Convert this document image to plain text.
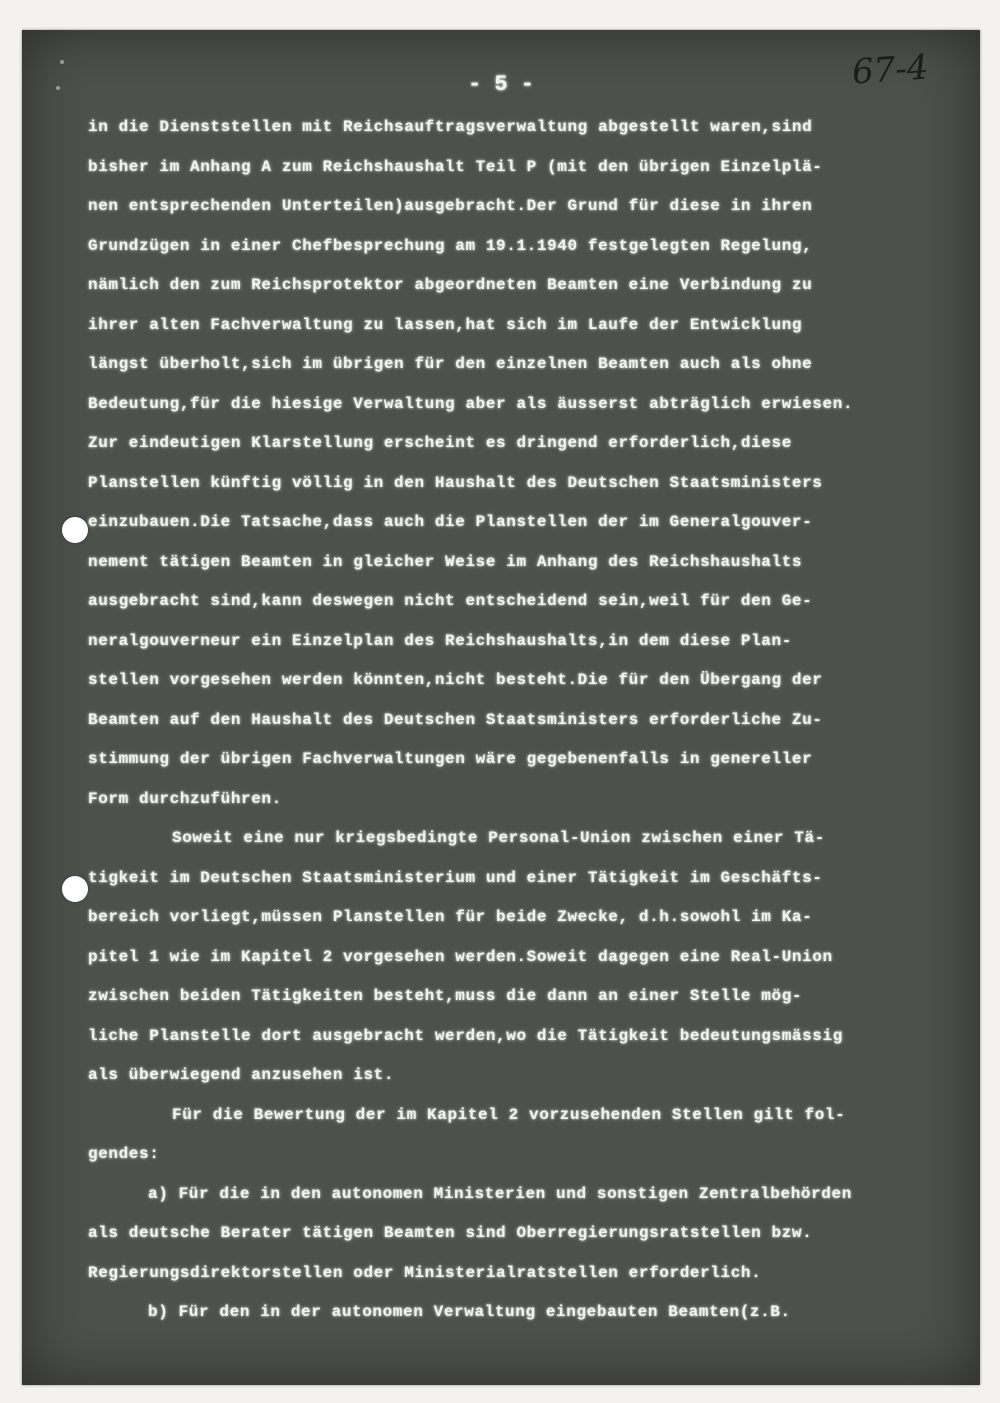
67-4
- 5 -
in die Dienststellen mit Reichsauftragsverwaltung abgestellt waren,sind
bisher im Anhang A zum Reichshaushalt Teil P (mit den übrigen Einzelplä-
nen entsprechenden Unterteilen)ausgebracht.Der Grund für diese in ihren
Grundzügen in einer Chefbesprechung am 19.1.1940 festgelegten Regelung,
nämlich den zum Reichsprotektor abgeordneten Beamten eine Verbindung zu
ihrer alten Fachverwaltung zu lassen,hat sich im Laufe der Entwicklung
längst überholt,sich im übrigen für den einzelnen Beamten auch als ohne
Bedeutung,für die hiesige Verwaltung aber als äusserst abträglich erwiesen.
Zur eindeutigen Klarstellung erscheint es dringend erforderlich,diese
Planstellen künftig völlig in den Haushalt des Deutschen Staatsministers
einzubauen.Die Tatsache,dass auch die Planstellen der im Generalgouver-
nement tätigen Beamten in gleicher Weise im Anhang des Reichshaushalts
ausgebracht sind,kann deswegen nicht entscheidend sein,weil für den Ge-
neralgouverneur ein Einzelplan des Reichshaushalts,in dem diese Plan-
stellen vorgesehen werden könnten,nicht besteht.Die für den Übergang der
Beamten auf den Haushalt des Deutschen Staatsministers erforderliche Zu-
stimmung der übrigen Fachverwaltungen wäre gegebenenfalls in genereller
Form durchzuführen.
Soweit eine nur kriegsbedingte Personal-Union zwischen einer Tä-
tigkeit im Deutschen Staatsministerium und einer Tätigkeit im Geschäfts-
bereich vorliegt,müssen Planstellen für beide Zwecke, d.h.sowohl im Ka-
pitel 1 wie im Kapitel 2 vorgesehen werden.Soweit dagegen eine Real-Union
zwischen beiden Tätigkeiten besteht,muss die dann an einer Stelle mög-
liche Planstelle dort ausgebracht werden,wo die Tätigkeit bedeutungsmässig
als überwiegend anzusehen ist.
Für die Bewertung der im Kapitel 2 vorzusehenden Stellen gilt fol-
gendes:
a) Für die in den autonomen Ministerien und sonstigen Zentralbehörden
als deutsche Berater tätigen Beamten sind Oberregierungsratstellen bzw.
Regierungsdirektorstellen oder Ministerialratstellen erforderlich.
b) Für den in der autonomen Verwaltung eingebauten Beamten(z.B.
